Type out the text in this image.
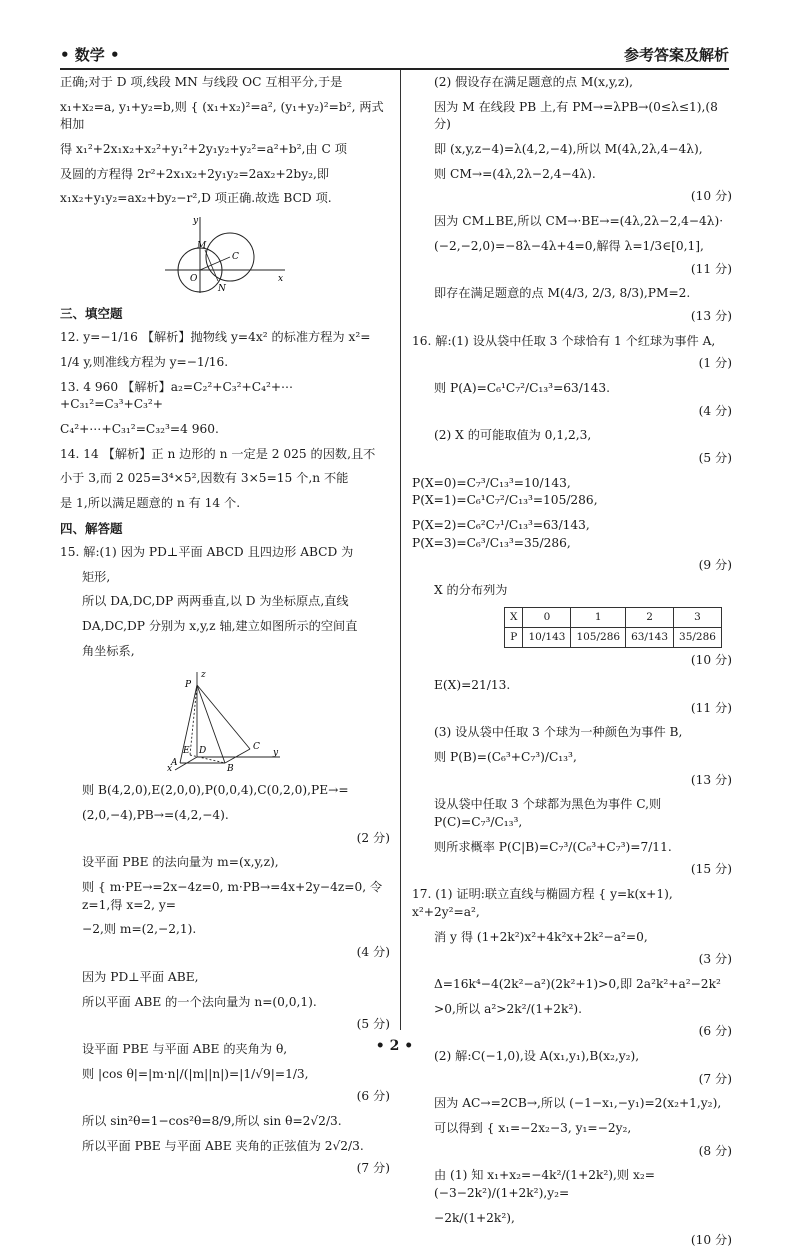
• 数学 •	参考答案及解析

正确;对于 D 项,线段 MN 与线段 OC 互相平分,于是

x₁+x₂=a, y₁+y₂=b,则 { (x₁+x₂)²=a², (y₁+y₂)²=b², 两式相加

得 x₁²+2x₁x₂+x₂²+y₁²+2y₁y₂+y₂²=a²+b²,由 C 项

及圆的方程得 2r²+2x₁x₂+2y₁y₂=2ax₂+2by₂,即

x₁x₂+y₁y₂=ax₂+by₂−r²,D 项正确.故选 BCD 项.

y
x
O
M
C
N
三、填空题

12. y=−1/16 【解析】抛物线 y=4x² 的标准方程为 x²=

1/4 y,则准线方程为 y=−1/16.

13. 4 960 【解析】a₂=C₂²+C₃²+C₄²+⋯+C₃₁²=C₃³+C₃²+

C₄²+⋯+C₃₁²=C₃₂³=4 960.

14. 14 【解析】正 n 边形的 n 一定是 2 025 的因数,且不

小于 3,而 2 025=3⁴×5²,因数有 3×5=15 个,n 不能

是 1,所以满足题意的 n 有 14 个.

四、解答题

15. 解:(1) 因为 PD⊥平面 ABCD 且四边形 ABCD 为

矩形,

所以 DA,DC,DP 两两垂直,以 D 为坐标原点,直线

DA,DC,DP 分别为 x,y,z 轴,建立如图所示的空间直

角坐标系,

z
P
E D	C
A
B
y
x

则 B(4,2,0),E(2,0,0),P(0,0,4),C(0,2,0),PE→=

(2,0,−4),PB→=(4,2,−4).

(2 分)

设平面 PBE 的法向量为 m=(x,y,z),

则 { m·PE→=2x−4z=0, m·PB→=4x+2y−4z=0, 令 z=1,得 x=2, y=

−2,则 m=(2,−2,1).

(4 分)

因为 PD⊥平面 ABE,

所以平面 ABE 的一个法向量为 n=(0,0,1).

(5 分)

设平面 PBE 与平面 ABE 的夹角为 θ,

则 |cos θ|=|m·n|/(|m||n|)=|1/√9|=1/3,

(6 分)

所以 sin²θ=1−cos²θ=8/9,所以 sin θ=2√2/3.

所以平面 PBE 与平面 ABE 夹角的正弦值为 2√2/3.

(7 分)

(2) 假设存在满足题意的点 M(x,y,z),

因为 M 在线段 PB 上,有 PM→=λPB→(0≤λ≤1),(8 分)

即 (x,y,z−4)=λ(4,2,−4),所以 M(4λ,2λ,4−4λ),

则 CM→=(4λ,2λ−2,4−4λ).

(10 分)

因为 CM⊥BE,所以 CM→·BE→=(4λ,2λ−2,4−4λ)·

(−2,−2,0)=−8λ−4λ+4=0,解得 λ=1/3∈[0,1],

(11 分)

即存在满足题意的点 M(4/3, 2/3, 8/3),PM=2.

(13 分)

16. 解:(1) 设从袋中任取 3 个球恰有 1 个红球为事件 A,

(1 分)

则 P(A)=C₆¹C₇²/C₁₃³=63/143.

(4 分)

(2) X 的可能取值为 0,1,2,3,

(5 分)

P(X=0)=C₇³/C₁₃³=10/143, P(X=1)=C₆¹C₇²/C₁₃³=105/286,

P(X=2)=C₆²C₇¹/C₁₃³=63/143, P(X=3)=C₆³/C₁₃³=35/286,

(9 分)

X 的分布列为

X	0	1	2	3
P	10/143	105/286	63/143	35/286

(10 分)

E(X)=21/13.

(11 分)

(3) 设从袋中任取 3 个球为一种颜色为事件 B,

则 P(B)=(C₆³+C₇³)/C₁₃³,

(13 分)

设从袋中任取 3 个球都为黑色为事件 C,则 P(C)=C₇³/C₁₃³,

则所求概率 P(C|B)=C₇³/(C₆³+C₇³)=7/11.

(15 分)

17. (1) 证明:联立直线与椭圆方程 { y=k(x+1), x²+2y²=a²,

消 y 得 (1+2k²)x²+4k²x+2k²−a²=0,

(3 分)

Δ=16k⁴−4(2k²−a²)(2k²+1)>0,即 2a²k²+a²−2k²

>0,所以 a²>2k²/(1+2k²).

(6 分)

(2) 解:C(−1,0),设 A(x₁,y₁),B(x₂,y₂),

(7 分)

因为 AC→=2CB→,所以 (−1−x₁,−y₁)=2(x₂+1,y₂),

可以得到 { x₁=−2x₂−3, y₁=−2y₂,

(8 分)

由 (1) 知 x₁+x₂=−4k²/(1+2k²),则 x₂=(−3−2k²)/(1+2k²),y₂=

−2k/(1+2k²),

(10 分)

• 2 •
